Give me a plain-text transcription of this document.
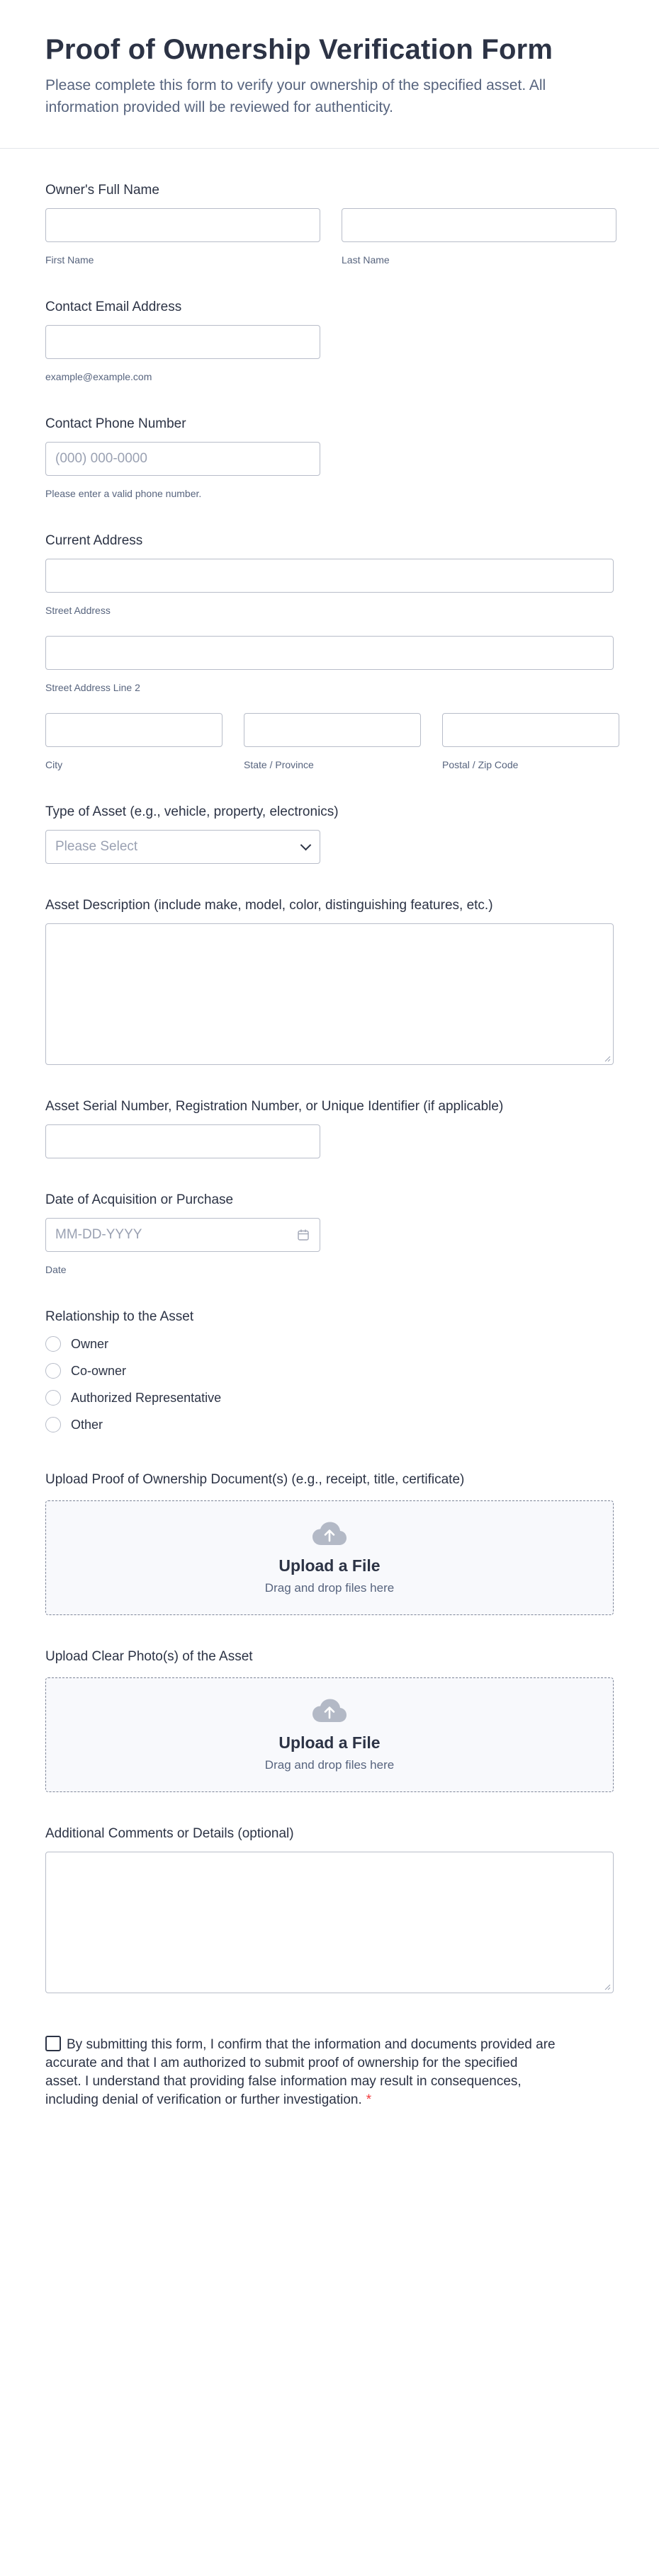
Proof of Ownership Verification Form
Please complete this form to verify your ownership of the specified asset. All information provided will be reviewed for authenticity.
Owner's Full Name
First Name	Last Name
Contact Email Address
example@example.com
Contact Phone Number
(000) 000-0000
Please enter a valid phone number.
Current Address
Street Address
Street Address Line 2
City	State / Province	Postal / Zip Code
Type of Asset (e.g., vehicle, property, electronics)
Please Select
Asset Description (include make, model, color, distinguishing features, etc.)
Asset Serial Number, Registration Number, or Unique Identifier (if applicable)
Date of Acquisition or Purchase
MM-DD-YYYY
Date
Relationship to the Asset
Owner
Co-owner
Authorized Representative
Other
Upload Proof of Ownership Document(s) (e.g., receipt, title, certificate)
Upload a File
Drag and drop files here
Upload Clear Photo(s) of the Asset
Upload a File
Drag and drop files here
Additional Comments or Details (optional)
By submitting this form, I confirm that the information and documents provided are accurate and that I am authorized to submit proof of ownership for the specified asset. I understand that providing false information may result in consequences, including denial of verification or further investigation. *
